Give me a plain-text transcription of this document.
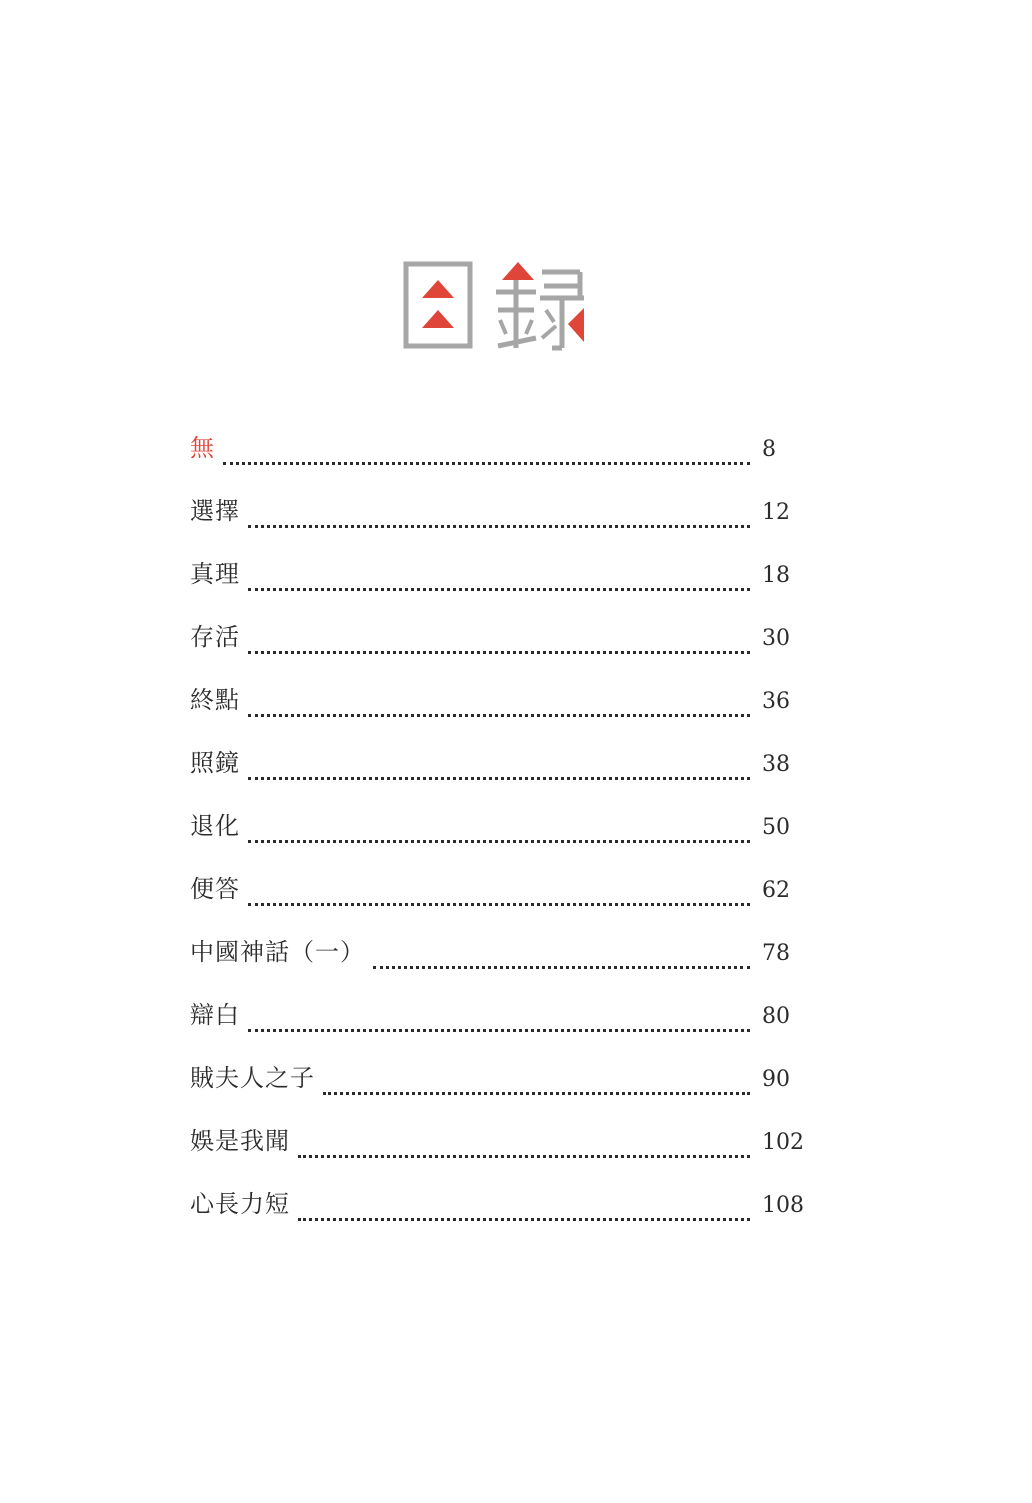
無	8
選擇	12
真理	18
存活	30
終點	36
照鏡	38
退化	50
便答	62
中國神話（一）	78
辯白	80
賊夫人之子	90
娛是我聞	102
心長力短	108
